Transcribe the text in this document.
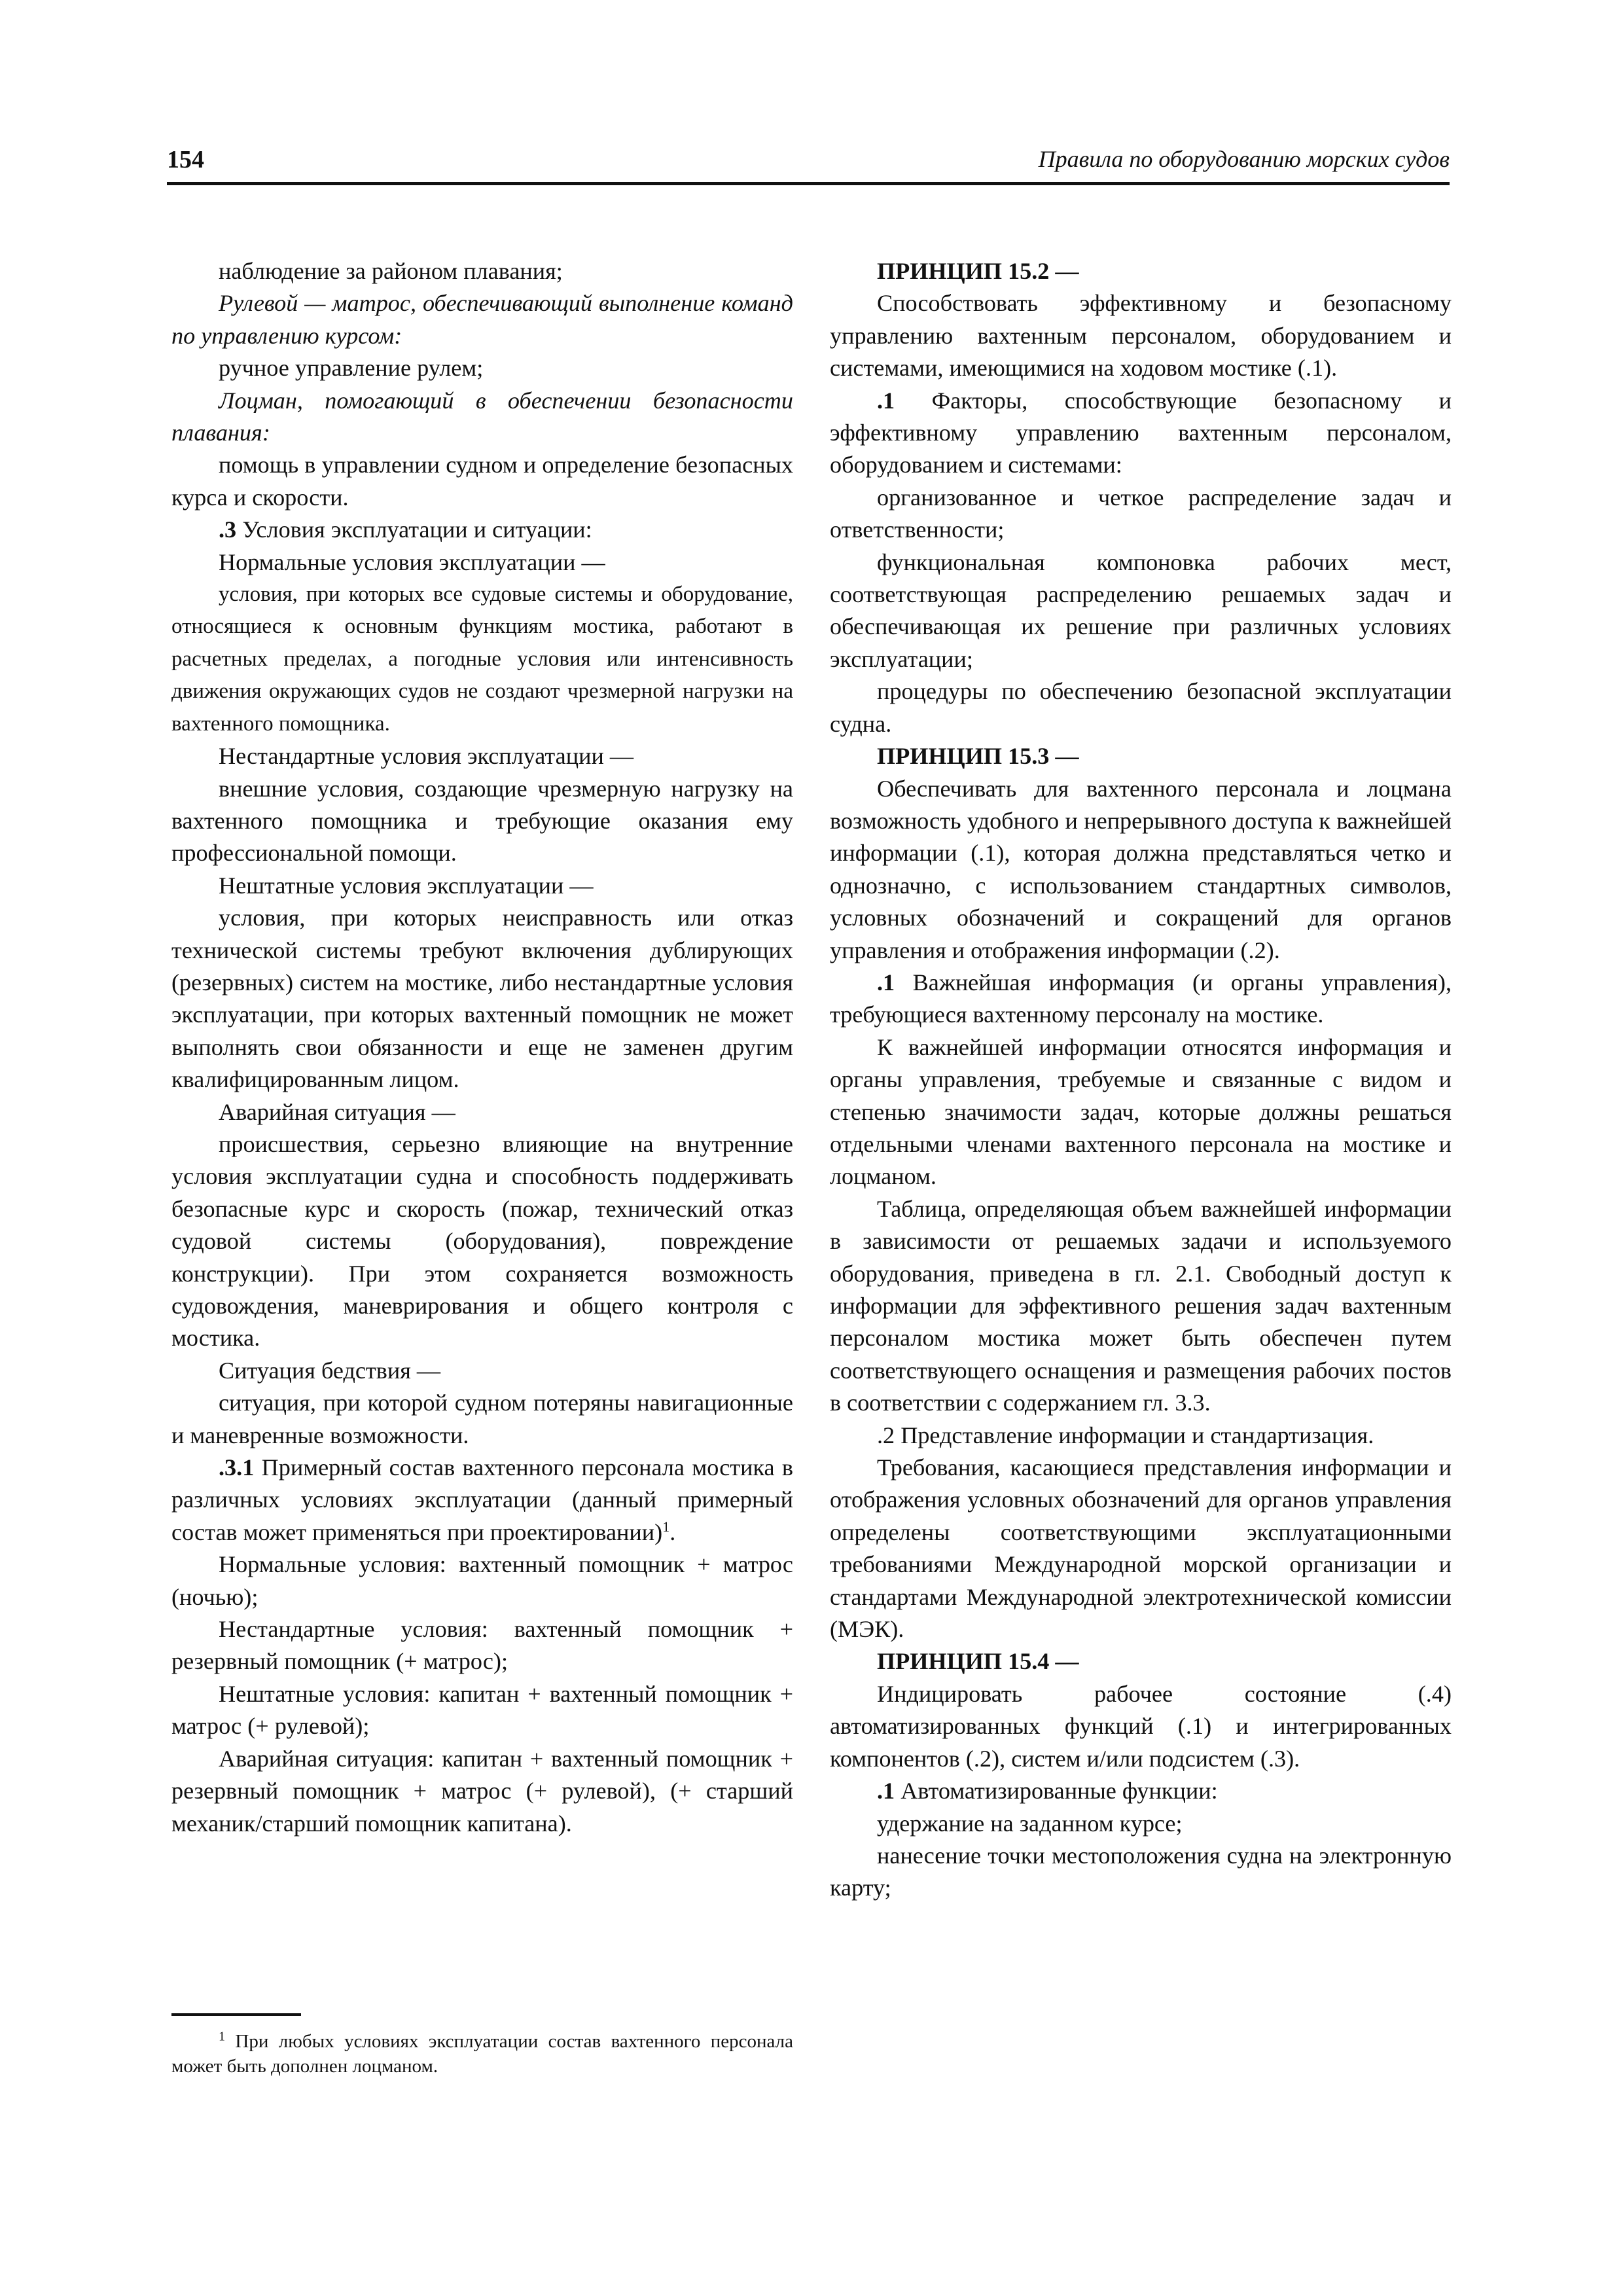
154	Правила по оборудованию морских судов

наблюдение за районом плавания;

Рулевой — матрос, обеспечивающий выполнение команд по управлению курсом:

ручное управление рулем;

Лоцман, помогающий в обеспечении безопасности плавания:

помощь в управлении судном и определение безопасных курса и скорости.

.3 Условия эксплуатации и ситуации:

Нормальные условия эксплуатации —

условия, при которых все судовые системы и оборудование, относящиеся к основным функциям мостика, работают в расчетных пределах, а погодные условия или интенсивность движения окружающих судов не создают чрезмерной нагрузки на вахтенного помощника.

Нестандартные условия эксплуатации —

внешние условия, создающие чрезмерную нагрузку на вахтенного помощника и требующие оказания ему профессиональной помощи.

Нештатные условия эксплуатации —

условия, при которых неисправность или отказ технической системы требуют включения дублирующих (резервных) систем на мостике, либо нестандартные условия эксплуатации, при которых вахтенный помощник не может выполнять свои обязанности и еще не заменен другим квалифицированным лицом.

Аварийная ситуация —

происшествия, серьезно влияющие на внутренние условия эксплуатации судна и способность поддерживать безопасные курс и скорость (пожар, технический отказ судовой системы (оборудования), повреждение конструкции). При этом сохраняется возможность судовождения, маневрирования и общего контроля с мостика.

Ситуация бедствия —

ситуация, при которой судном потеряны навигационные и маневренные возможности.

.3.1 Примерный состав вахтенного персонала мостика в различных условиях эксплуатации (данный примерный состав может применяться при проектировании)$^1$.

Нормальные условия: вахтенный помощник + матрос (ночью);

Нестандартные условия: вахтенный помощник + резервный помощник (+ матрос);

Нештатные условия: капитан + вахтенный помощник + матрос (+ рулевой);

Аварийная ситуация: капитан + вахтенный помощник + резервный помощник + матрос (+ рулевой), (+ старший механик/старший помощник капитана).

$^1$ При любых условиях эксплуатации состав вахтенного персонала может быть дополнен лоцманом.

ПРИНЦИП 15.2 —

Способствовать эффективному и безопасному управлению вахтенным персоналом, оборудованием и системами, имеющимися на ходовом мостике (.1).

.1 Факторы, способствующие безопасному и эффективному управлению вахтенным персоналом, оборудованием и системами:

организованное и четкое распределение задач и ответственности;

функциональная компоновка рабочих мест, соответствующая распределению решаемых задач и обеспечивающая их решение при различных условиях эксплуатации;

процедуры по обеспечению безопасной эксплуатации судна.

ПРИНЦИП 15.3 —

Обеспечивать для вахтенного персонала и лоцмана возможность удобного и непрерывного доступа к важнейшей информации (.1), которая должна представляться четко и однозначно, с использованием стандартных символов, условных обозначений и сокращений для органов управления и отображения информации (.2).

.1 Важнейшая информация (и органы управления), требующиеся вахтенному персоналу на мостике.

К важнейшей информации относятся информация и органы управления, требуемые и связанные с видом и степенью значимости задач, которые должны решаться отдельными членами вахтенного персонала на мостике и лоцманом.

Таблица, определяющая объем важнейшей информации в зависимости от решаемых задачи и используемого оборудования, приведена в гл. 2.1. Свободный доступ к информации для эффективного решения задач вахтенным персоналом мостика может быть обеспечен путем соответствующего оснащения и размещения рабочих постов в соответствии с содержанием гл. 3.3.

.2 Представление информации и стандартизация.

Требования, касающиеся представления информации и отображения условных обозначений для органов управления определены соответствующими эксплуатационными требованиями Международной морской организации и стандартами Международной электротехнической комиссии (МЭК).

ПРИНЦИП 15.4 —

Индицировать рабочее состояние (.4) автоматизированных функций (.1) и интегрированных компонентов (.2), систем и/или подсистем (.3).

.1 Автоматизированные функции:

удержание на заданном курсе;

нанесение точки местоположения судна на электронную карту;
